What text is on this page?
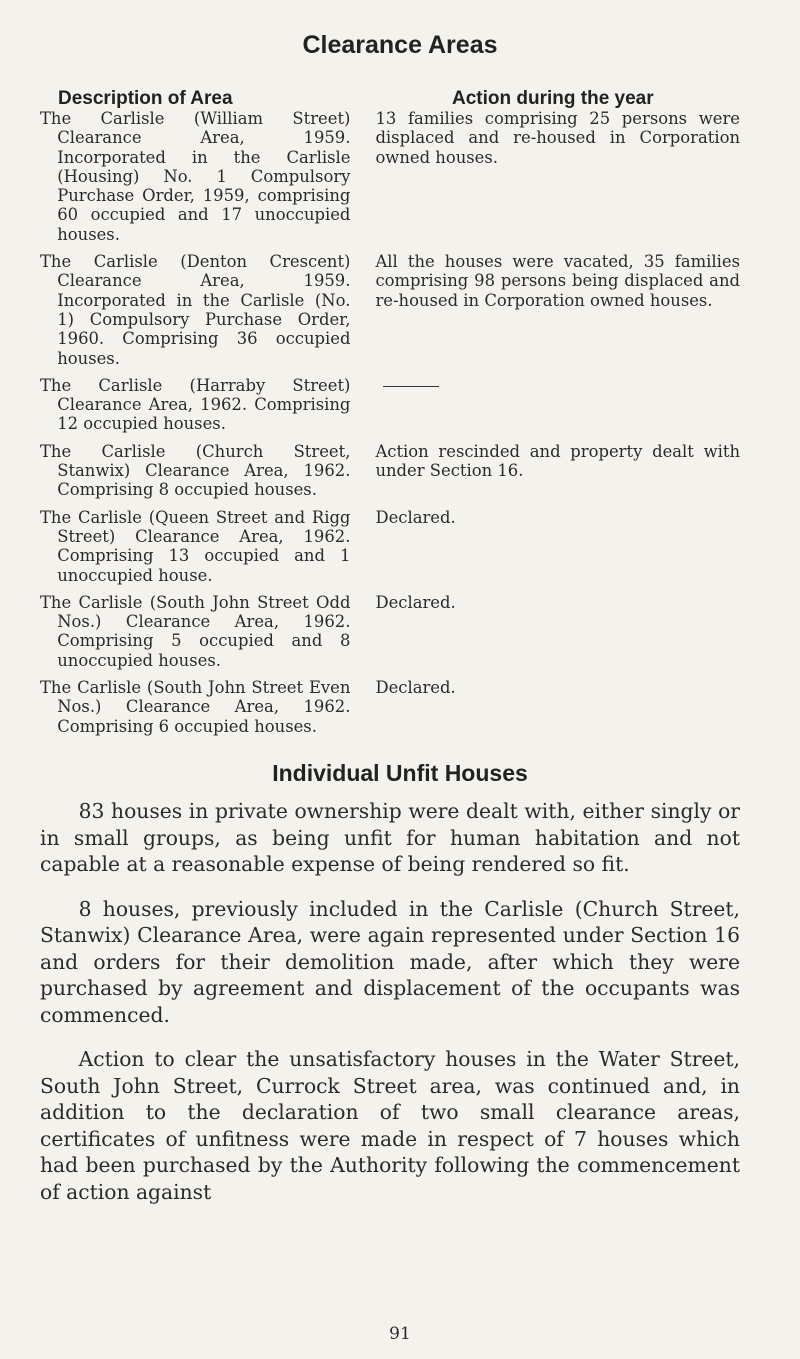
Clearance Areas
Description of Area	Action during the year
The Carlisle (William Street) Clearance Area, 1959. Incorporated in the Carlisle (Housing) No. 1 Compulsory Purchase Order, 1959, comprising 60 occupied and 17 unoccupied houses.
13 families comprising 25 persons were displaced and re-housed in Corporation owned houses.
The Carlisle (Denton Crescent) Clearance Area, 1959. Incorporated in the Carlisle (No. 1) Compulsory Purchase Order, 1960. Comprising 36 occupied houses.
All the houses were vacated, 35 families comprising 98 persons being displaced and re-housed in Corporation owned houses.
The Carlisle (Harraby Street) Clearance Area, 1962. Comprising 12 occupied houses.
The Carlisle (Church Street, Stanwix) Clearance Area, 1962. Comprising 8 occupied houses.
Action rescinded and property dealt with under Section 16.
The Carlisle (Queen Street and Rigg Street) Clearance Area, 1962. Comprising 13 occupied and 1 unoccupied house.
Declared.
The Carlisle (South John Street Odd Nos.) Clearance Area, 1962. Comprising 5 occupied and 8 unoccupied houses.
Declared.
The Carlisle (South John Street Even Nos.) Clearance Area, 1962. Comprising 6 occupied houses.
Declared.
Individual Unfit Houses

83 houses in private ownership were dealt with, either singly or in small groups, as being unfit for human habitation and not capable at a reasonable expense of being rendered so fit.

8 houses, previously included in the Carlisle (Church Street, Stanwix) Clearance Area, were again represented under Section 16 and orders for their demolition made, after which they were purchased by agreement and displacement of the occupants was commenced.

Action to clear the unsatisfactory houses in the Water Street, South John Street, Currock Street area, was continued and, in addition to the declaration of two small clearance areas, certificates of unfitness were made in respect of 7 houses which had been purchased by the Authority following the commencement of action against

91
